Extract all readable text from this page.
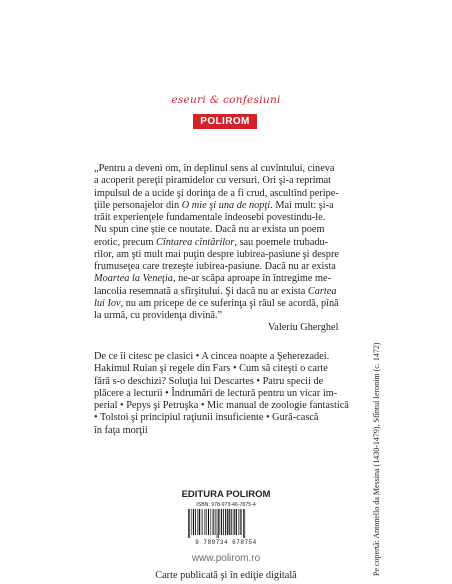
eseuri & confesiuni
POLIROM
„Pentru a deveni om, în deplinul sens al cuvîntului, cineva
a acoperit pereţii piramidelor cu versuri. Ori şi-a reprimat
impulsul de a ucide şi dorinţa de a fi crud, ascultînd peripe-
ţiile personajelor din O mie şi una de nopţi. Mai mult: şi-a
trăit experienţele fundamentale îndeosebi povestindu-le.
Nu spun cine ştie ce noutate. Dacă nu ar exista un poem
erotic, precum Cîntarea cîntărilor, sau poemele trubadu-
rilor, am şti mult mai puţin despre iubirea-pasiune şi despre
frumuseţea care trezeşte iubirea-pasiune. Dacă nu ar exista
Moartea la Veneţia, ne-ar scăpa aproape în întregime me-
lancolia resemnată a sfîrşitului. Şi dacă nu ar exista Cartea
lui Iov, nu am pricepe de ce suferinţa şi răul se acordă, pînă
la urmă, cu providenţa divină.”
Valeriu Gherghel
De ce îi citesc pe clasici • A cincea noapte a Şeherezadei.
Hakimul Ruian şi regele din Fars • Cum să citeşti o carte
fără s-o deschizi? Soluţia lui Descartes • Patru specii de
plăcere a lecturii • Îndrumări de lectură pentru un vicar im-
perial • Pepys şi Petruşka • Mic manual de zoologie fantastică
• Tolstoi şi principiul raţiunii insuficiente • Gură-cască
în faţa morţii	Pe copertă: Antonello da Messina (1430-1479), Sfîntul Ieronim (c. 1472)
EDITURA POLIROM
ISBN: 978-973-46-7875-4
9 789734 678754
www.polirom.ro
Carte publicată şi în ediţie digitală
